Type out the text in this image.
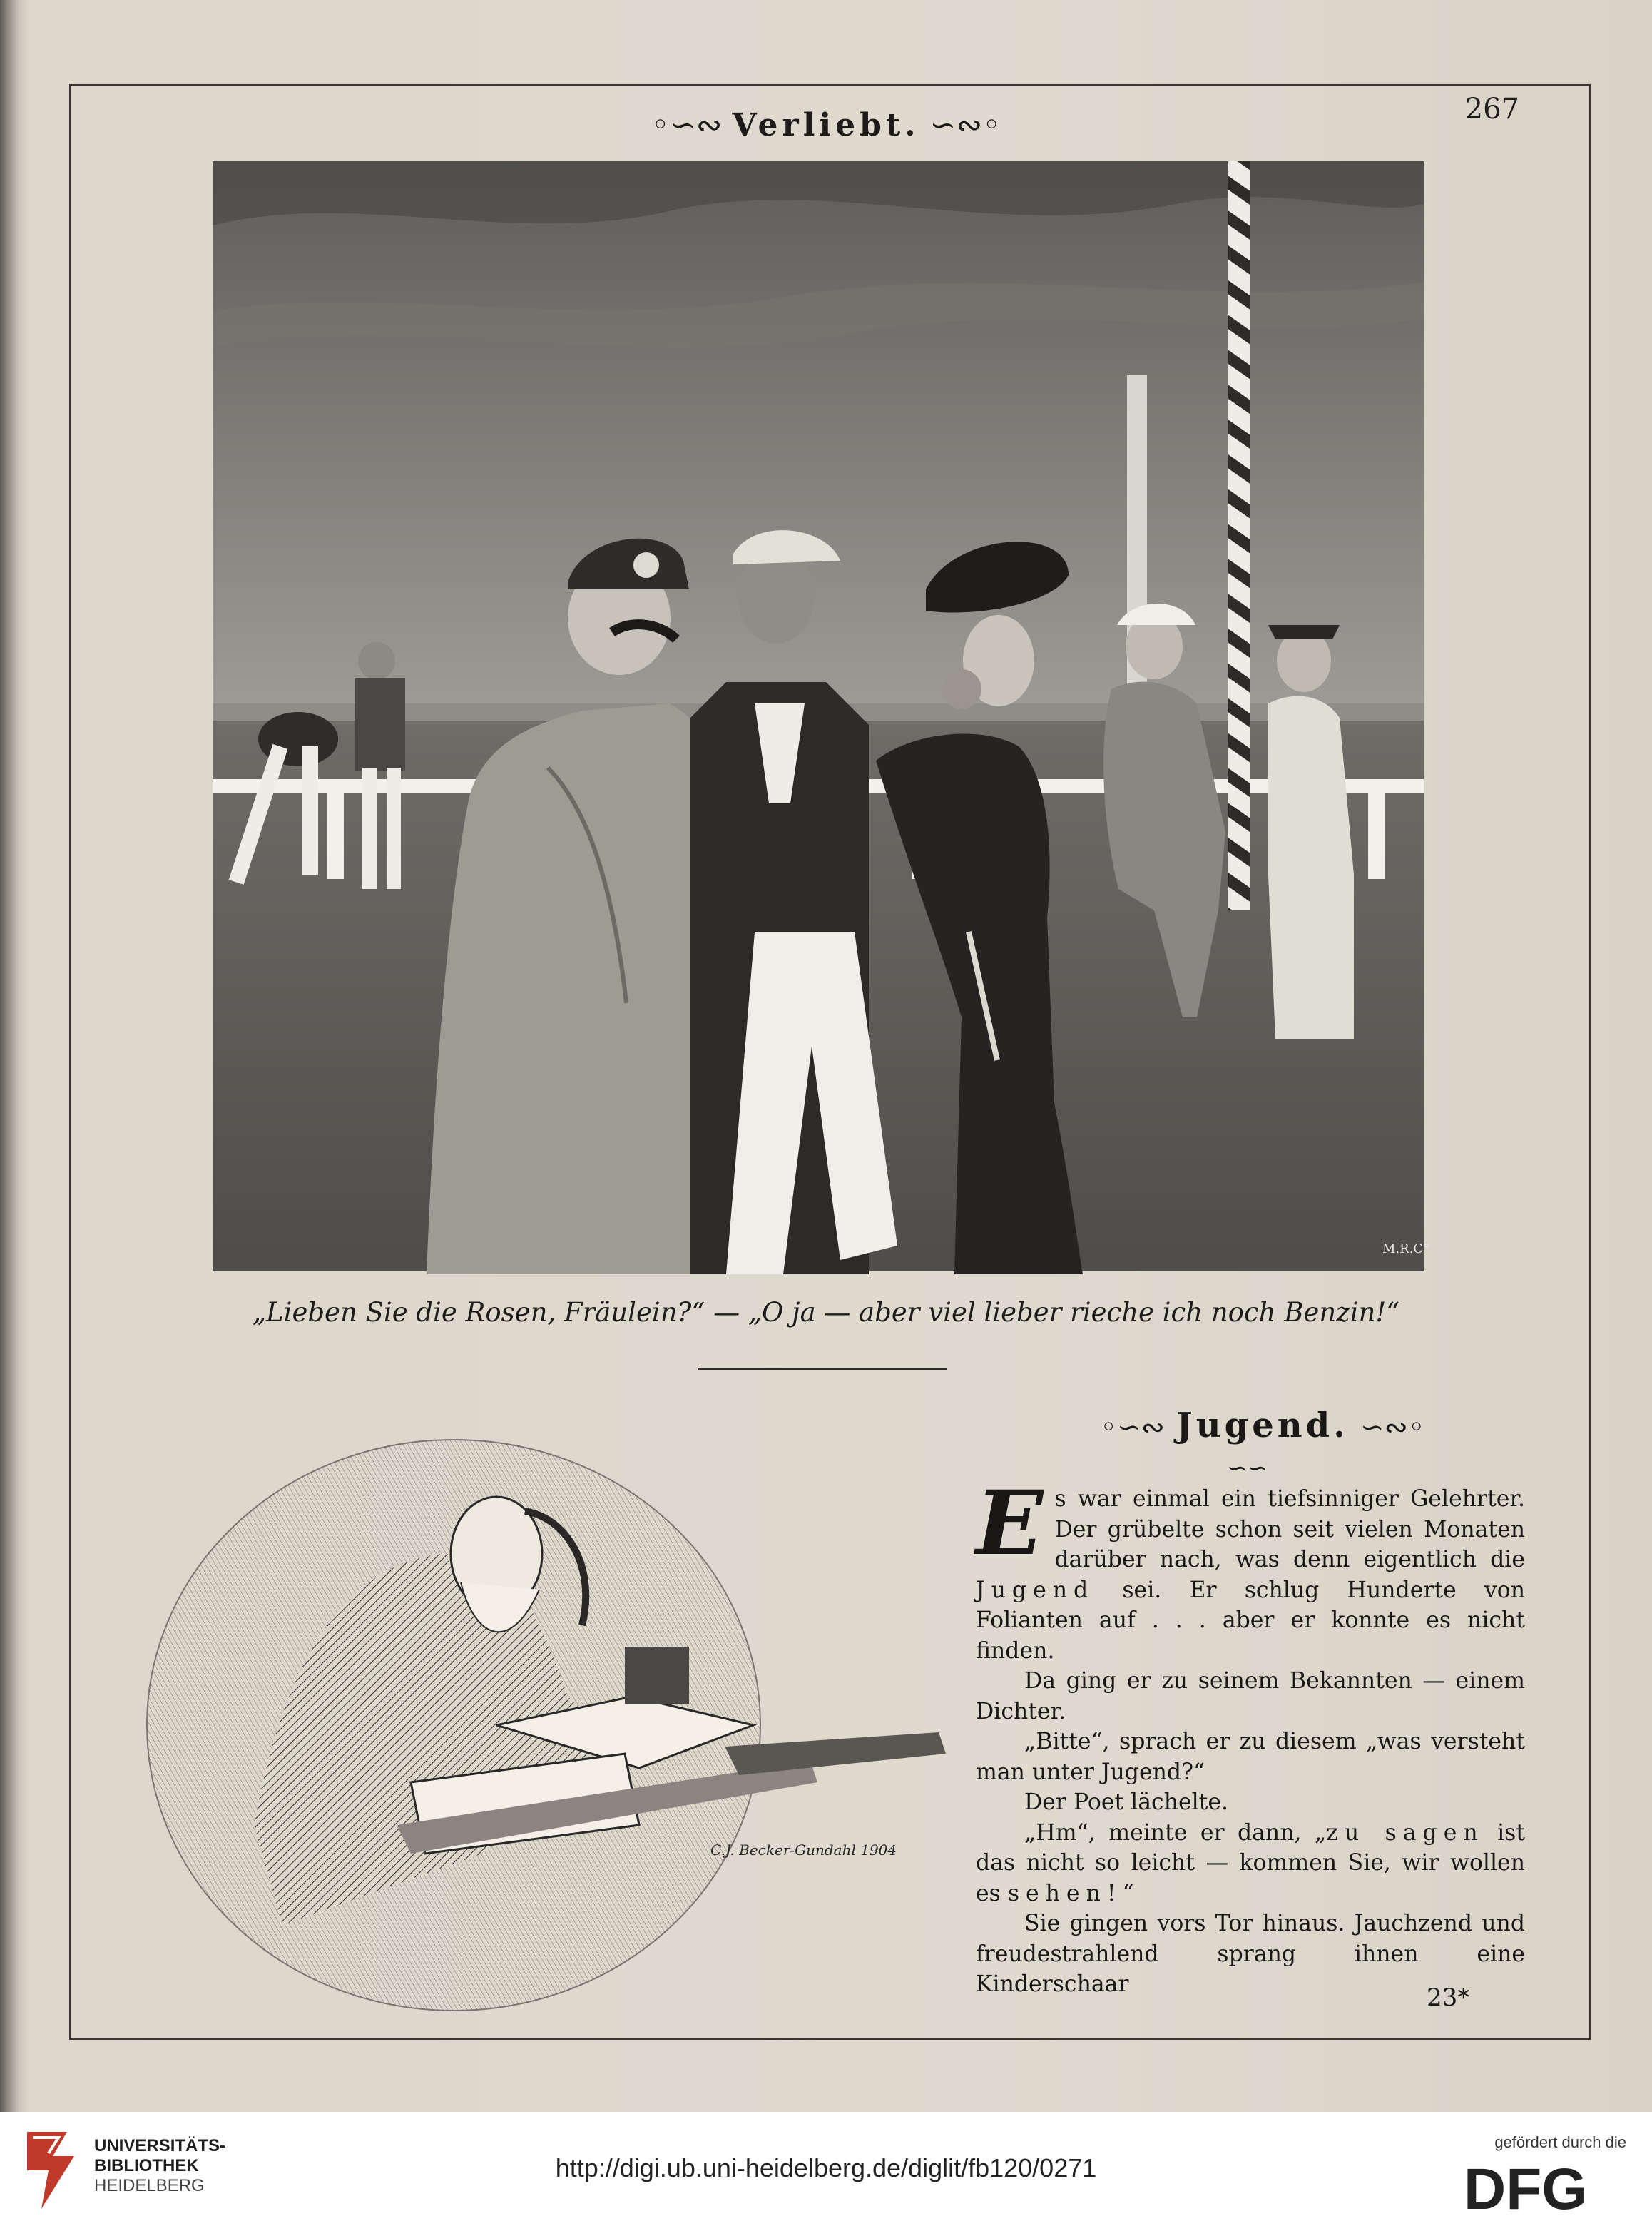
◦∽∾ Verliebt. ∽∾◦	267
M.R.C°
„Lieben Sie die Rosen, Fräulein?“ — „O ja — aber viel lieber rieche ich noch Benzin!“
C.J. Becker-Gundahl 1904
◦∽∾ Jugend. ∽∾◦
∽∽

Es war einmal ein tiefsinniger Gelehrter. Der grübelte schon seit vielen Monaten darüber nach, was denn eigentlich die Jugend sei. Er schlug Hunderte von Folianten auf . . . aber er konnte es nicht finden.

Da ging er zu seinem Bekannten — einem Dichter.

„Bitte“, sprach er zu diesem „was versteht man unter Jugend?“

Der Poet lächelte.

„Hm“, meinte er dann, „zu sagen ist das nicht so leicht — kommen Sie, wir wollen es sehen!“

Sie gingen vors Tor hinaus. Jauchzend und freudestrahlend sprang ihnen eine Kinderschaar	23*
UNIVERSITÄTS-
BIBLIOTHEK
HEIDELBERG
http://digi.ub.uni-heidelberg.de/diglit/fb120/0271
gefördert durch die
DFG
